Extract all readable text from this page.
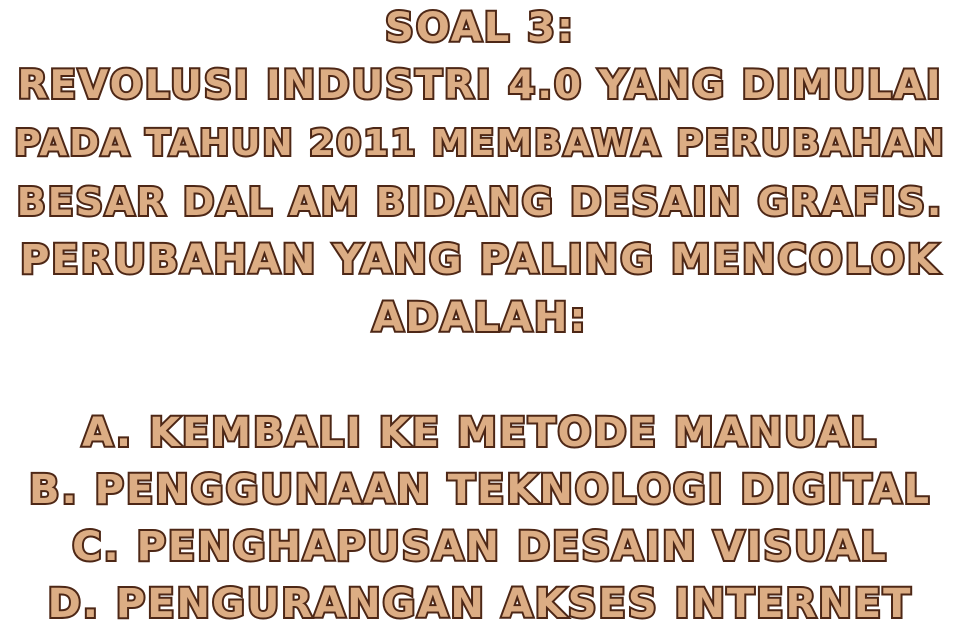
SOAL 3:
REVOLUSI INDUSTRI 4.0 YANG DIMULAI
PADA TAHUN 2011 MEMBAWA PERUBAHAN
BESAR DAL AM BIDANG DESAIN GRAFIS.
PERUBAHAN YANG PALING MENCOLOK
ADALAH:
A. KEMBALI KE METODE MANUAL
B. PENGGUNAAN TEKNOLOGI DIGITAL
C. PENGHAPUSAN DESAIN VISUAL
D. PENGURANGAN AKSES INTERNET
